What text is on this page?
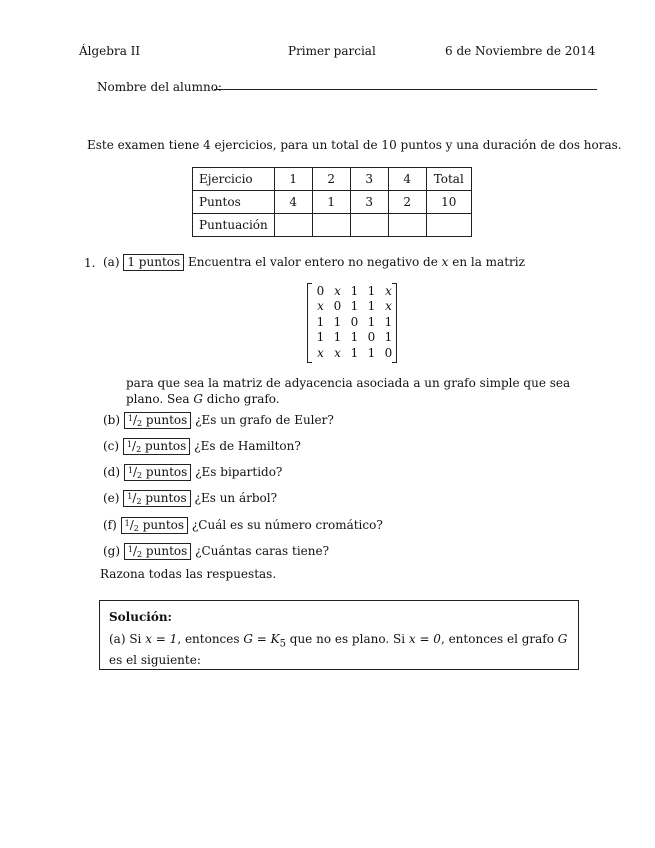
Álgebra II	Primer parcial	6 de Noviembre de 2014
Nombre del alumno:
Este examen tiene 4 ejercicios, para un total de 10 puntos y una duración de dos horas.
Ejercicio	1	2	3	4	Total
Puntos	4	1	3	2	10
Puntuación					
1. (a) 1 puntos Encuentra el valor entero no negativo de x en la matriz
0	x	1	1	x
x	0	1	1	x
1	1	0	1	1
1	1	1	0	1
x	x	1	1	0
para que sea la matriz de adyacencia asociada a un grafo simple que sea plano. Sea G dicho grafo.
(b) $^1$/2 puntos ¿Es un grafo de Euler?
(c) $^1$/2 puntos ¿Es de Hamilton?
(d) $^1$/2 puntos ¿Es bipartido?
(e) $^1$/2 puntos ¿Es un árbol?
(f) $^1$/2 puntos ¿Cuál es su número cromático?
(g) $^1$/2 puntos ¿Cuántas caras tiene?
Razona todas las respuestas.
Solución:
(a) Si x = 1, entonces $G = K_5$ que no es plano. Si x = 0, entonces el grafo G es el siguiente:
